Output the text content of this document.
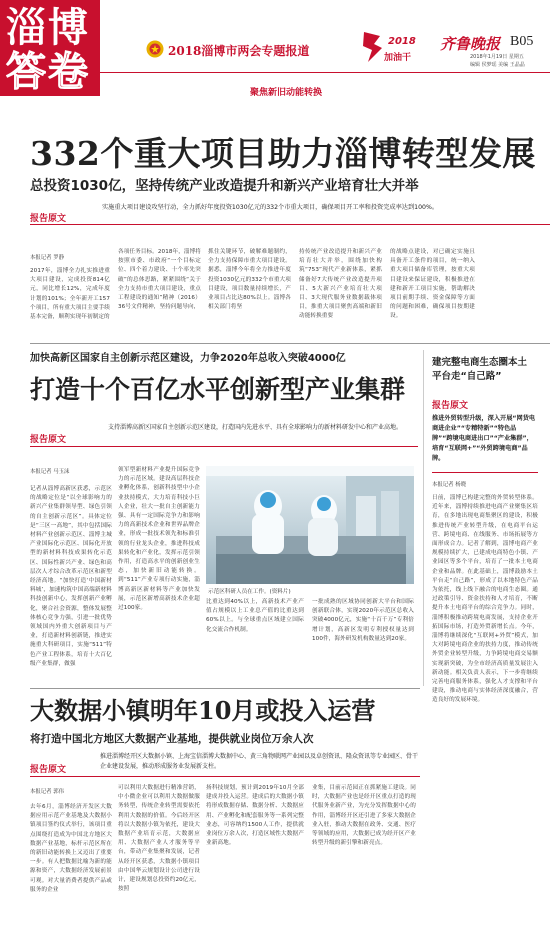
淄博
答卷	2018淄博市两会专题报道
2018
加油干
齐鲁晚报 B05
2018年1月19日 星期五
编辑 侯梦瑶 美编 王晶晶
聚焦新旧动能转换
332个重大项目助力淄博转型发展
总投资1030亿，坚持传统产业改造提升和新兴产业培育壮大并举
实施重大项目建设攻坚行动，全力抓好年度投资1030亿元的332个市重大项目，确保项目开工率和投资完成率达到100%。
报告原文
本报记者 罗静
2017年，淄博全力扎实推进重大项目建设，完成投资814亿元，同比增长12%，完成年度计划的101%；全年新开工157个项目，所有重大项目主要手续基本完备，顺利实现年初制定的
各项任务目标。2018年，淄博将按照市委、市政府“一个目标定位、四个着力建设、十个率先突破”的总体思路，紧紧围绕“关于全力支持市重大项目建设，重点工程建设的通知”精神（2016）36号文件精神，坚持问题导向，
抓住关键环节，破解难题制约，全力支持保障市重大项目建设。据悉，淄博今年将全力推进年度投资1030亿元的332个市重大项目建设，项目数量持续增长，产业项目占比达80%以上。淄博各相关部门将坚
持传统产业改造提升和新兴产业培育壮大并举，围绕加快构筑“753”现代产业新体系，紧抓储备好7大传统产业改造提升项目、5大新兴产业培育壮大项目、3大现代服务业数据载体项目，推重大项目聚焦高端和新旧动能转换重要
的战略点建设，对已确定实施且具备开工条件的项目，统一纳入重大项目储备库管理，按重大项目建设来保证建设，积极推进在建和新开工项目实施，帮助解决项目前期手续、资金保障等方面的问题和困难，确保项目按期建设。
加快高新区国家自主创新示范区建设，力争2020年总收入突破4000亿
打造十个百亿水平创新型产业集群
报告原文
支持淄博高新区国家自主创新示范区建设，打造国内先进水平、具有全球影响力的新材料研发中心和产业高地。
本报记者 马玉沫
记者从淄博高新区获悉，示范区的战略定位是“以全球影响力的新兴产业集群领导型、绿色引领的自主创新示范区”。具体定位是“三区一高地”，其中包括国际材料产业创新示范区、淄博主城产业国际化示范区、国际化开放型的新材料科技成果转化示范区、国际性新兴产业、绿色和高层次人才综合改革示范区和新型经济高地。“加快打造‘中国新材料城’，加速构筑中国高端新材料科技创新中心，发挥创新产业孵化，聚合社会资源，整体发展整体核心竞争力强，引进一批优势领域国内外重大创新项目与产业，打造新材料创新链，推进实施重大科研项目，实施“511”特色产业工程体系，培育十大百亿级产业集群，做强
领军型新材料产业提升国际竞争力的示范区域。建设高层科技企业孵化体系，创新科技型中小企业扶持模式，大力培育科技小巨人企业，壮大一批自主创新能力强、具有一定国际竞争力和影响力的高新技术企业和世界品牌企业，形成一批技术领先和标准引领的行业龙头企业，推进科技成果转化和产业化，发挥示范引领作用，打造高水平的创新创业生态，加快新旧动能转换。到“511”产业专项行动实施，淄博高新区新材料等产业加快发展，示范区新增高新技术企业超过100家。
示范区科研人员在工作。(资料片)
比重达到40%以上，高新技术产业产值占规模以上工业总产值的比重达到60%以上。与全球重点区域建立国际化交流合作机制。
一批成熟的区域协同创新大平台和国际创新联合体，实现2020年示范区总收入突破4000亿元，实施“十百千万”专利倍增计划，高新区发明专利授权量达到100件，海外研发机构数量达到20家。
建完整电商生态圈本土平台走“自己路”
报告原文
推进外贸转型升级，深入开展“网货电商进企业”“专精特新”“特色品牌”“跨境电商进出口”“产业集群”，培育“互联网+”“外贸跨境电商”品牌。
本报记者 杨晓
日前，淄博已构建完整的外贸转型体系。近年来，淄博持续推进电商产业聚集区培育，在多地出现电商集聚区的建设，积极推进传统产业转型升级，在电商平台运营、跨境电商、在线服务、市场拓展等方面形成合力。记者了解到，淄博电商产业规模持续扩大，已建成电商特色小镇、产业园区等多个平台，培育了一批本土电商企业和品牌。在此基础上，淄博鼓励本土平台走“自己路”，形成了以本地特色产品为依托，线上线下融合的电商生态圈。通过政策引导、资金扶持和人才培育，不断提升本土电商平台的综合竞争力。同时，淄博积极推动跨境电商发展，支持企业开拓国际市场，打造外贸新增长点。今年，淄博将继续深化“互联网+外贸”模式，加大对跨境电商企业的扶持力度，推动传统外贸企业转型升级，力争跨境电商交易额实现新突破，为全市经济高质量发展注入新动能。相关负责人表示，下一步将继续完善电商服务体系，强化人才支撑和平台建设，推动电商与实体经济深度融合，营造良好的发展环境。
大数据小镇明年10月或投入运营
将打造中国北方地区大数据产业基地，提供就业岗位万余人次
报告原文
推进淄博经开区大数据小镇、上海宝信淄博大数据中心、黄三角物联网产业园以及卓创资讯、隆众资讯等专业园区、骨干企业建设发展，推动形成服务业发展新支柱。
本报记者 郭伟
去年6月，淄博经济开发区大数据应用示范产业基地及大数据小镇项目签约仪式举行，该项目重点围绕打造成为中国北方地区大数据产业基地，标杆示范区所在的新旧动能转换上又迈出了重要一步。有人把数据比喻为新的能源和资产，大数据经济发展前景可观。对大量消费者提供产品或服务的企业
可以利用大数据进行精准营销，中小微企业可以利用大数据做服务转型，传统企业转型需要依托利用大数据的价值。今后经开区将以大数据小镇为依托，建设大数据产业培育示范，大数据应用、大数据产业人才服务等平台，带动产业集聚和发展，记者从经开区获悉，大数据小镇项目由中国华云规划设计公司进行设计，建设规划总投资约20亿元，按照
扬科技规划，预计到2019年10月全部建成并投入运营。建成后的大数据小镇将形成数据存储、数据分析、大数据应用、产业孵化和配套服务等一系列完整业态，可容纳约1500人工作，提供就业岗位万余人次，打造区域性大数据产业新高地。
业集，目前示范园正在抓紧施工建设。同时，大数据产业也是经开区重点打造的现代服务业新产业，为充分发挥数据中心的作用，淄博经开区还引进了多家大数据企业入驻，推动大数据在政务、交通、医疗等领域的应用，大数据已成为经开区产业转型升级的新引擎和新亮点。
